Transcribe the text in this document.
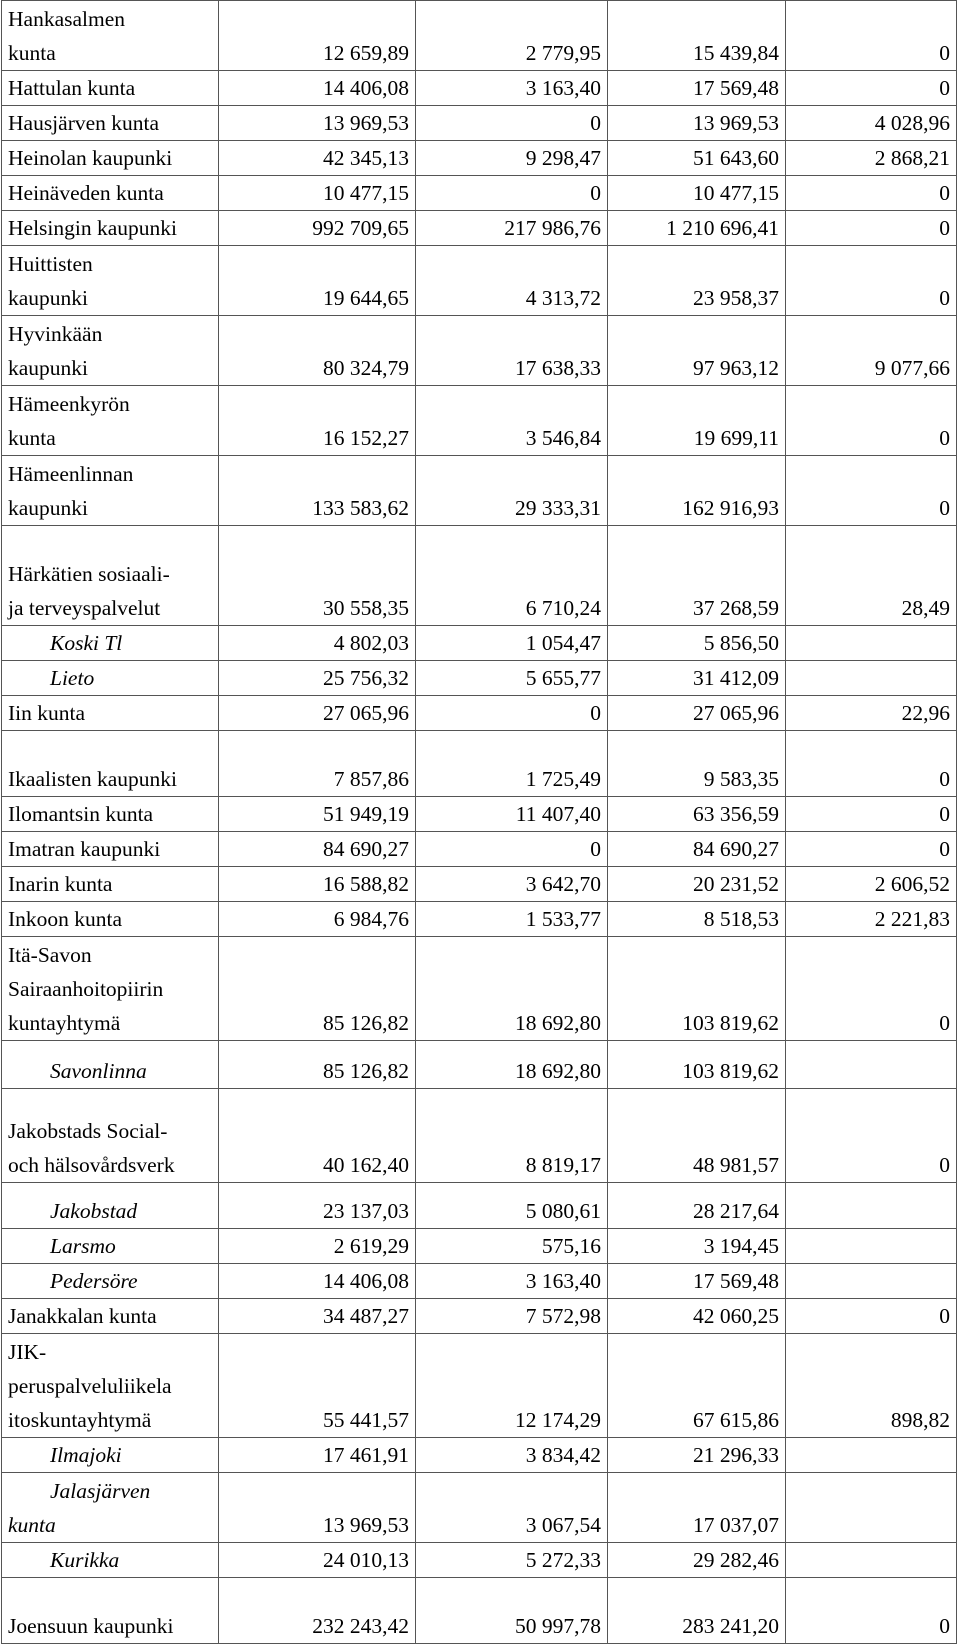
Hankasalmen
kunta	12 659,89	2 779,95	15 439,84	0

Hattulan kunta	14 406,08	3 163,40	17 569,48	0

Hausjärven kunta	13 969,53	0	13 969,53	4 028,96

Heinolan kaupunki	42 345,13	9 298,47	51 643,60	2 868,21

Heinäveden kunta	10 477,15	0	10 477,15	0

Helsingin kaupunki	992 709,65	217 986,76	1 210 696,41	0

Huittisten
kaupunki	19 644,65	4 313,72	23 958,37	0

Hyvinkään
kaupunki	80 324,79	17 638,33	97 963,12	9 077,66

Hämeenkyrön
kunta	16 152,27	3 546,84	19 699,11	0

Hämeenlinnan
kaupunki	133 583,62	29 333,31	162 916,93	0

Härkätien sosiaali-
ja terveyspalvelut	30 558,35	6 710,24	37 268,59	28,49

Koski Tl	4 802,03	1 054,47	5 856,50	

Lieto	25 756,32	5 655,77	31 412,09	

Iin kunta	27 065,96	0	27 065,96	22,96

Ikaalisten kaupunki	7 857,86	1 725,49	9 583,35	0

Ilomantsin kunta	51 949,19	11 407,40	63 356,59	0

Imatran kaupunki	84 690,27	0	84 690,27	0

Inarin kunta	16 588,82	3 642,70	20 231,52	2 606,52

Inkoon kunta	6 984,76	1 533,77	8 518,53	2 221,83

Itä-Savon
Sairaanhoitopiirin
kuntayhtymä	85 126,82	18 692,80	103 819,62	0

Savonlinna	85 126,82	18 692,80	103 819,62	

Jakobstads Social-
och hälsovårdsverk	40 162,40	8 819,17	48 981,57	0

Jakobstad	23 137,03	5 080,61	28 217,64	

Larsmo	2 619,29	575,16	3 194,45	

Pedersöre	14 406,08	3 163,40	17 569,48	

Janakkalan kunta	34 487,27	7 572,98	42 060,25	0

JIK-
peruspalveluliikela
itoskuntayhtymä	55 441,57	12 174,29	67 615,86	898,82

Ilmajoki	17 461,91	3 834,42	21 296,33	

Jalasjärven
kunta	13 969,53	3 067,54	17 037,07	

Kurikka	24 010,13	5 272,33	29 282,46	

Joensuun kaupunki	232 243,42	50 997,78	283 241,20	0
